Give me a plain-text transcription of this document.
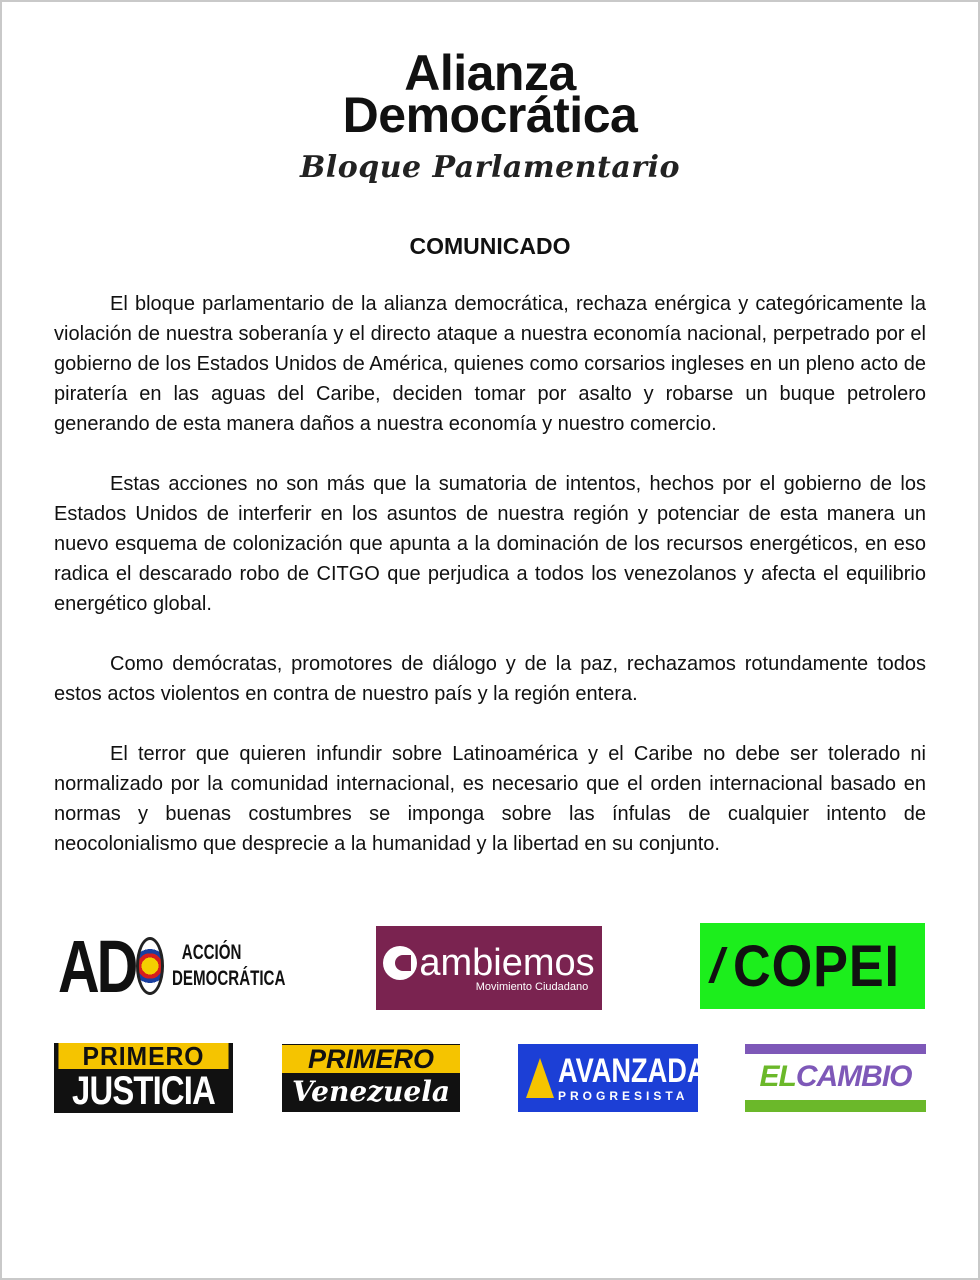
Alianza
Democrática
Bloque Parlamentario
COMUNICADO

El bloque parlamentario de la alianza democrática, rechaza enérgica y categóricamente la violación de nuestra soberanía y el directo ataque a nuestra economía nacional, perpetrado por el gobierno de los Estados Unidos de América, quienes como corsarios ingleses en un pleno acto de piratería en las aguas del Caribe, deciden tomar por asalto y robarse un buque petrolero generando de esta manera daños a nuestra economía y nuestro comercio.

Estas acciones no son más que la sumatoria de intentos, hechos por el gobierno de los Estados Unidos de interferir en los asuntos de nuestra región y potenciar de esta manera un nuevo esquema de colonización que apunta a la dominación de los recursos energéticos, en eso radica el descarado robo de CITGO que perjudica a todos los venezolanos y afecta el equilibrio energético global.

Como demócratas, promotores de diálogo y de la paz, rechazamos rotundamente todos estos actos violentos en contra de nuestro país y la región entera.

El terror que quieren infundir sobre Latinoamérica y el Caribe no debe ser tolerado ni normalizado por la comunidad internacional, es necesario que el orden internacional basado en normas y buenas costumbres se imponga sobre las ínfulas de cualquier intento de neocolonialismo que desprecie a la humanidad y la libertad en su conjunto.

AD	ACCIÓN
DEMOCRÁTICA	ambiemos
Movimiento Ciudadano	/ COPEI
PRIMERO
JUSTICIA
PRIMERO
Venezuela
AVANZADA
PROGRESISTA
EL CAMBIO
